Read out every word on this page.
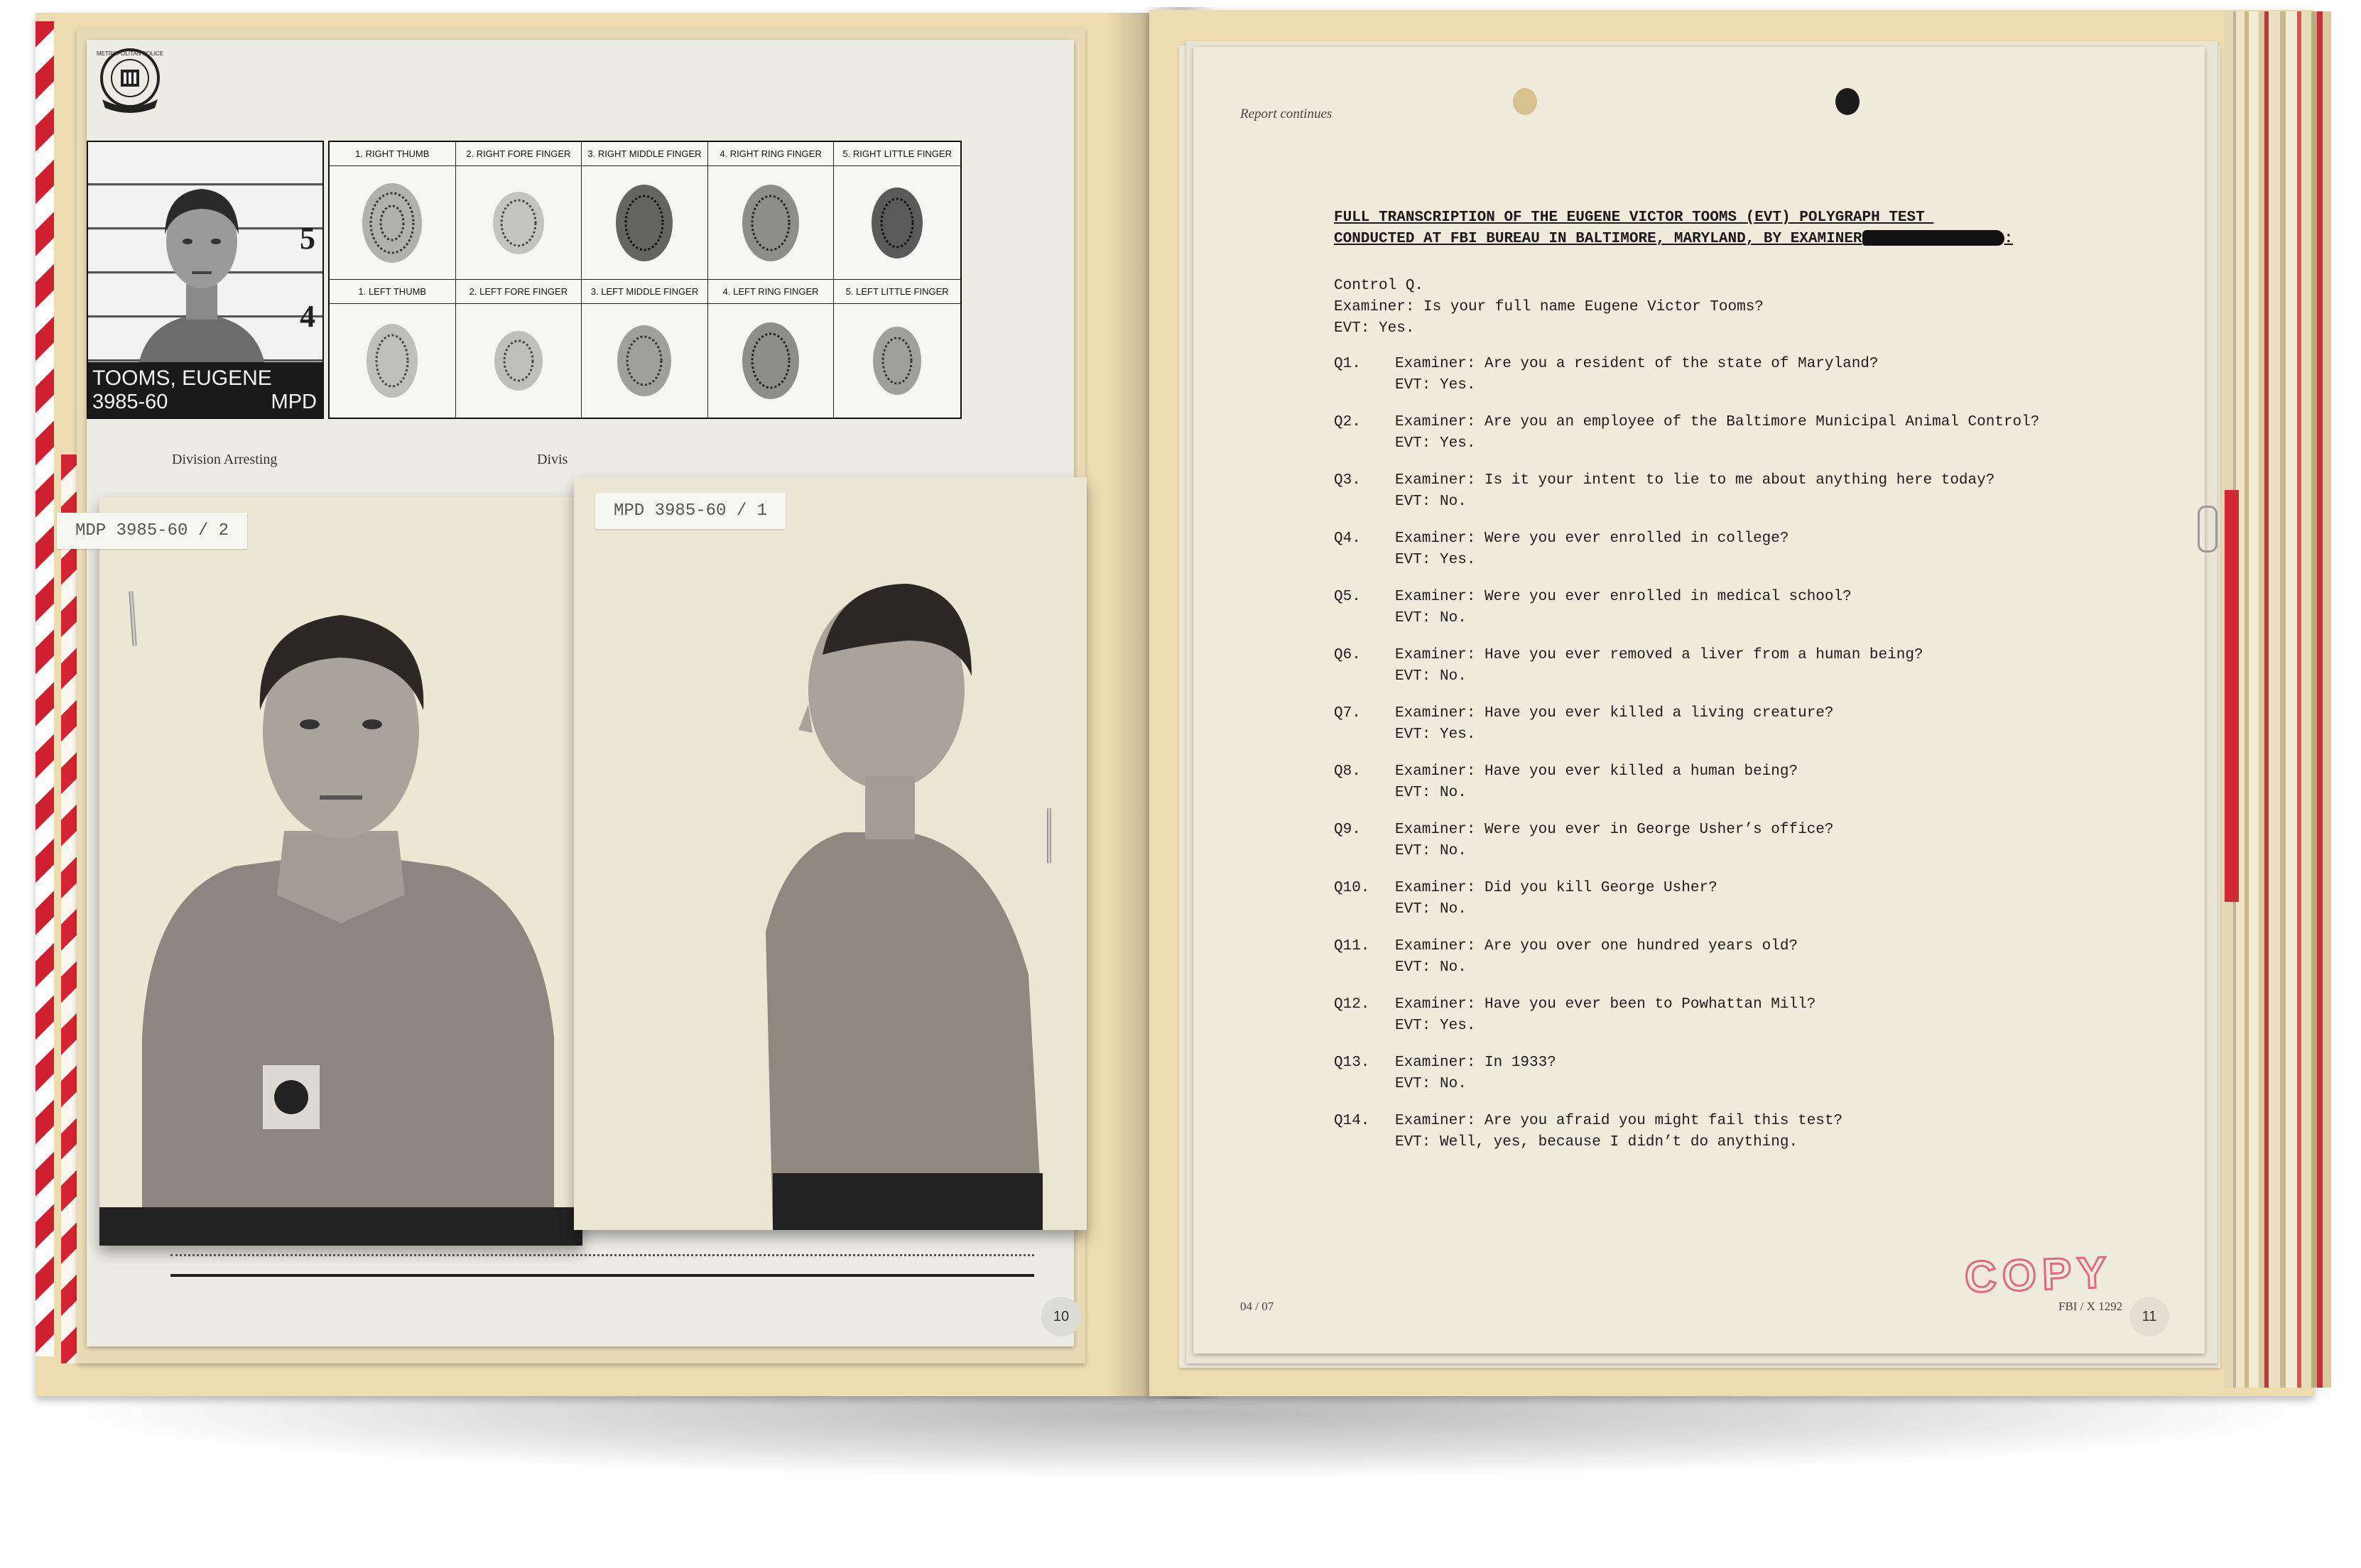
METROPOLITAN POLICE
5
4
TOOMS, EUGENE
3985-60	MPD
1. RIGHT THUMB	2. RIGHT FORE FINGER	3. RIGHT MIDDLE FINGER	4. RIGHT RING FINGER	5. RIGHT LITTLE FINGER
1. LEFT THUMB	2. LEFT FORE FINGER	3. LEFT MIDDLE FINGER	4. LEFT RING FINGER	5. LEFT LITTLE FINGER
Division Arresting	Divis
MDP 3985-60 / 2
MPD 3985-60 / 1
10
Report continues
FULL TRANSCRIPTION OF THE EUGENE VICTOR TOOMS (EVT) POLYGRAPH TEST
CONDUCTED AT FBI BUREAU IN BALTIMORE, MARYLAND, BY EXAMINER	:
Control Q.
Examiner: Is your full name Eugene Victor Tooms?
EVT: Yes.
Q1. Examiner: Are you a resident of the state of Maryland?
EVT: Yes.
Q2. Examiner: Are you an employee of the Baltimore Municipal Animal Control?
EVT: Yes.
Q3. Examiner: Is it your intent to lie to me about anything here today?
EVT: No.
Q4. Examiner: Were you ever enrolled in college?
EVT: Yes.
Q5. Examiner: Were you ever enrolled in medical school?
EVT: No.
Q6. Examiner: Have you ever removed a liver from a human being?
EVT: No.
Q7. Examiner: Have you ever killed a living creature?
EVT: Yes.
Q8. Examiner: Have you ever killed a human being?
EVT: No.
Q9. Examiner: Were you ever in George Usher’s office?
EVT: No.
Q10. Examiner: Did you kill George Usher?
EVT: No.
Q11. Examiner: Are you over one hundred years old?
EVT: No.
Q12. Examiner: Have you ever been to Powhattan Mill?
EVT: Yes.
Q13. Examiner: In 1933?
EVT: No.
Q14. Examiner: Are you afraid you might fail this test?
EVT: Well, yes, because I didn’t do anything.
COPY
04 / 07	FBI / X 1292
11
